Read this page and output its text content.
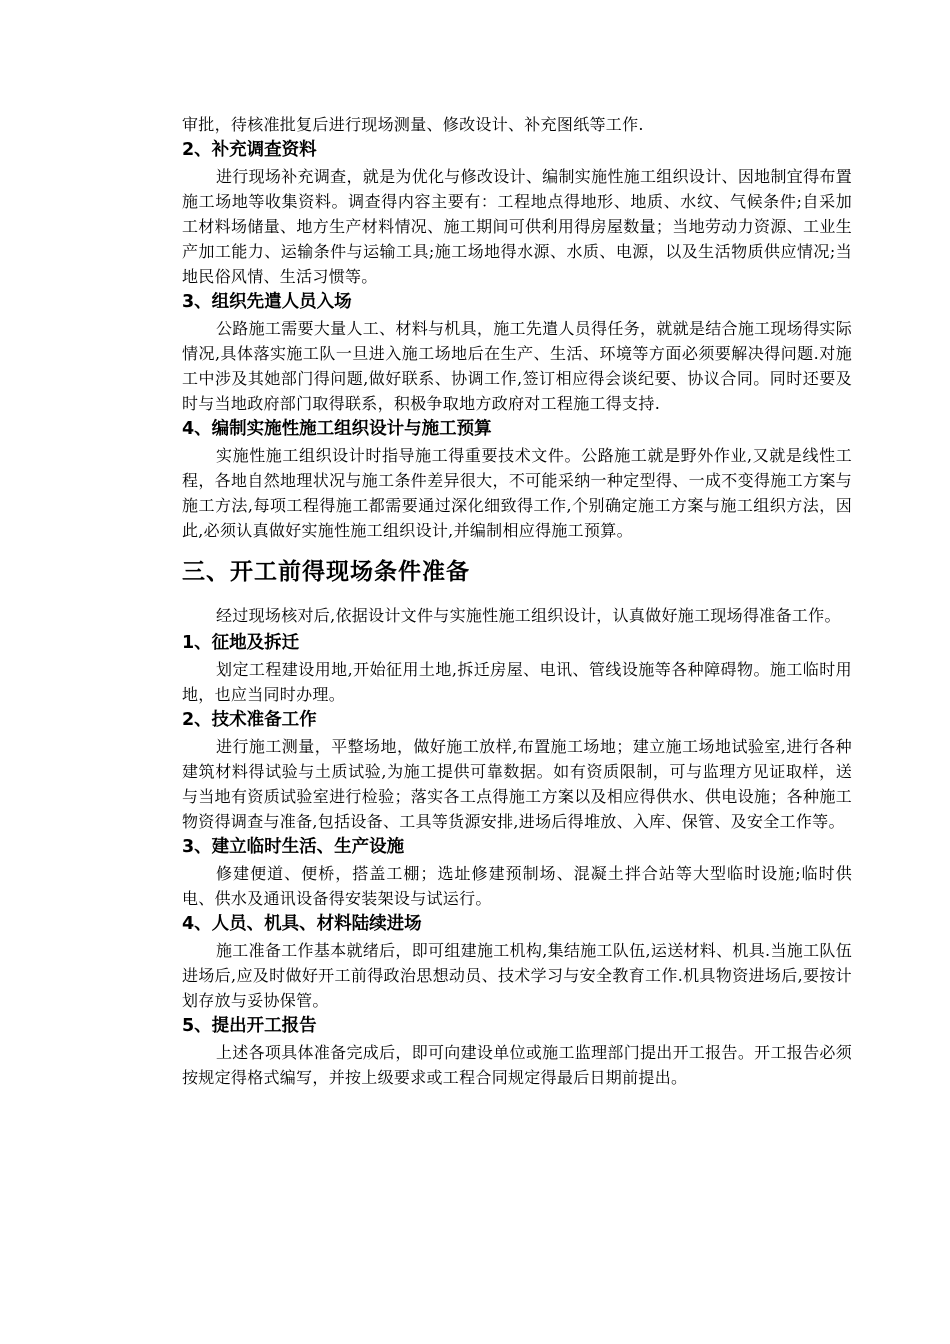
审批，待核准批复后进行现场测量、修改设计、补充图纸等工作.

2、补充调查资料

进行现场补充调查，就是为优化与修改设计、编制实施性施工组织设计、因地制宜得布置施工场地等收集资料。调查得内容主要有：工程地点得地形、地质、水纹、气候条件;自采加工材料场储量、地方生产材料情况、施工期间可供利用得房屋数量；当地劳动力资源、工业生产加工能力、运输条件与运输工具;施工场地得水源、水质、电源，以及生活物质供应情况;当地民俗风情、生活习惯等。

3、组织先遣人员入场

公路施工需要大量人工、材料与机具，施工先遣人员得任务，就就是结合施工现场得实际情况,具体落实施工队一旦进入施工场地后在生产、生活、环境等方面必须要解决得问题.对施工中涉及其她部门得问题,做好联系、协调工作,签订相应得会谈纪要、协议合同。同时还要及时与当地政府部门取得联系，积极争取地方政府对工程施工得支持.

4、编制实施性施工组织设计与施工预算

实施性施工组织设计时指导施工得重要技术文件。公路施工就是野外作业,又就是线性工程，各地自然地理状况与施工条件差异很大，不可能采纳一种定型得、一成不变得施工方案与施工方法,每项工程得施工都需要通过深化细致得工作,个别确定施工方案与施工组织方法，因此,必须认真做好实施性施工组织设计,并编制相应得施工预算。

三、开工前得现场条件准备

经过现场核对后,依据设计文件与实施性施工组织设计，认真做好施工现场得准备工作。

1、征地及拆迁

划定工程建设用地,开始征用土地,拆迁房屋、电讯、管线设施等各种障碍物。施工临时用地，也应当同时办理。

2、技术准备工作

进行施工测量，平整场地，做好施工放样,布置施工场地；建立施工场地试验室,进行各种建筑材料得试验与土质试验,为施工提供可靠数据。如有资质限制，可与监理方见证取样，送与当地有资质试验室进行检验；落实各工点得施工方案以及相应得供水、供电设施；各种施工物资得调查与准备,包括设备、工具等货源安排,进场后得堆放、入库、保管、及安全工作等。

3、建立临时生活、生产设施

修建便道、便桥，搭盖工棚；选址修建预制场、混凝土拌合站等大型临时设施;临时供电、供水及通讯设备得安装架设与试运行。

4、人员、机具、材料陆续进场

施工准备工作基本就绪后，即可组建施工机构,集结施工队伍,运送材料、机具.当施工队伍进场后,应及时做好开工前得政治思想动员、技术学习与安全教育工作.机具物资进场后,要按计划存放与妥协保管。

5、提出开工报告

上述各项具体准备完成后，即可向建设单位或施工监理部门提出开工报告。开工报告必须按规定得格式编写，并按上级要求或工程合同规定得最后日期前提出。
